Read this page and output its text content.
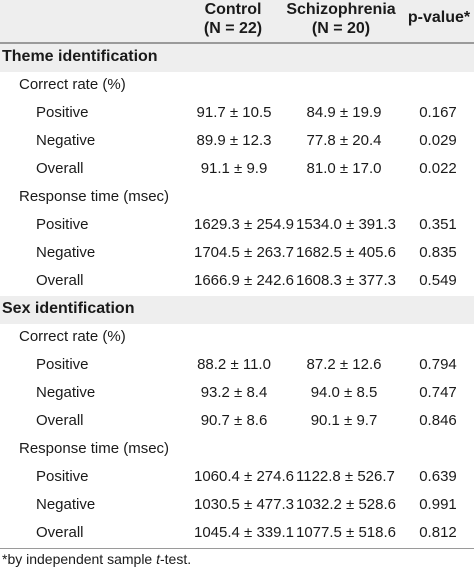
Control
(N = 22)
Schizophrenia
(N = 20)
p-value*
Theme identification
Correct rate (%)
Positive	91.7 ± 10.5	84.9 ± 19.9	0.167
Negative	89.9 ± 12.3	77.8 ± 20.4	0.029
Overall	91.1 ± 9.9	81.0 ± 17.0	0.022
Response time (msec)
Positive	1629.3 ± 254.9 1534.0 ± 391.3	0.351
Negative	1704.5 ± 263.7 1682.5 ± 405.6	0.835
Overall	1666.9 ± 242.6 1608.3 ± 377.3	0.549
Sex identification
Correct rate (%)
Positive	88.2 ± 11.0	87.2 ± 12.6	0.794
Negative	93.2 ± 8.4	94.0 ± 8.5	0.747
Overall	90.7 ± 8.6	90.1 ± 9.7	0.846
Response time (msec)
Positive	1060.4 ± 274.6 1122.8 ± 526.7	0.639
Negative	1030.5 ± 477.3 1032.2 ± 528.6	0.991
Overall	1045.4 ± 339.1 1077.5 ± 518.6	0.812
*by independent sample t-test.
